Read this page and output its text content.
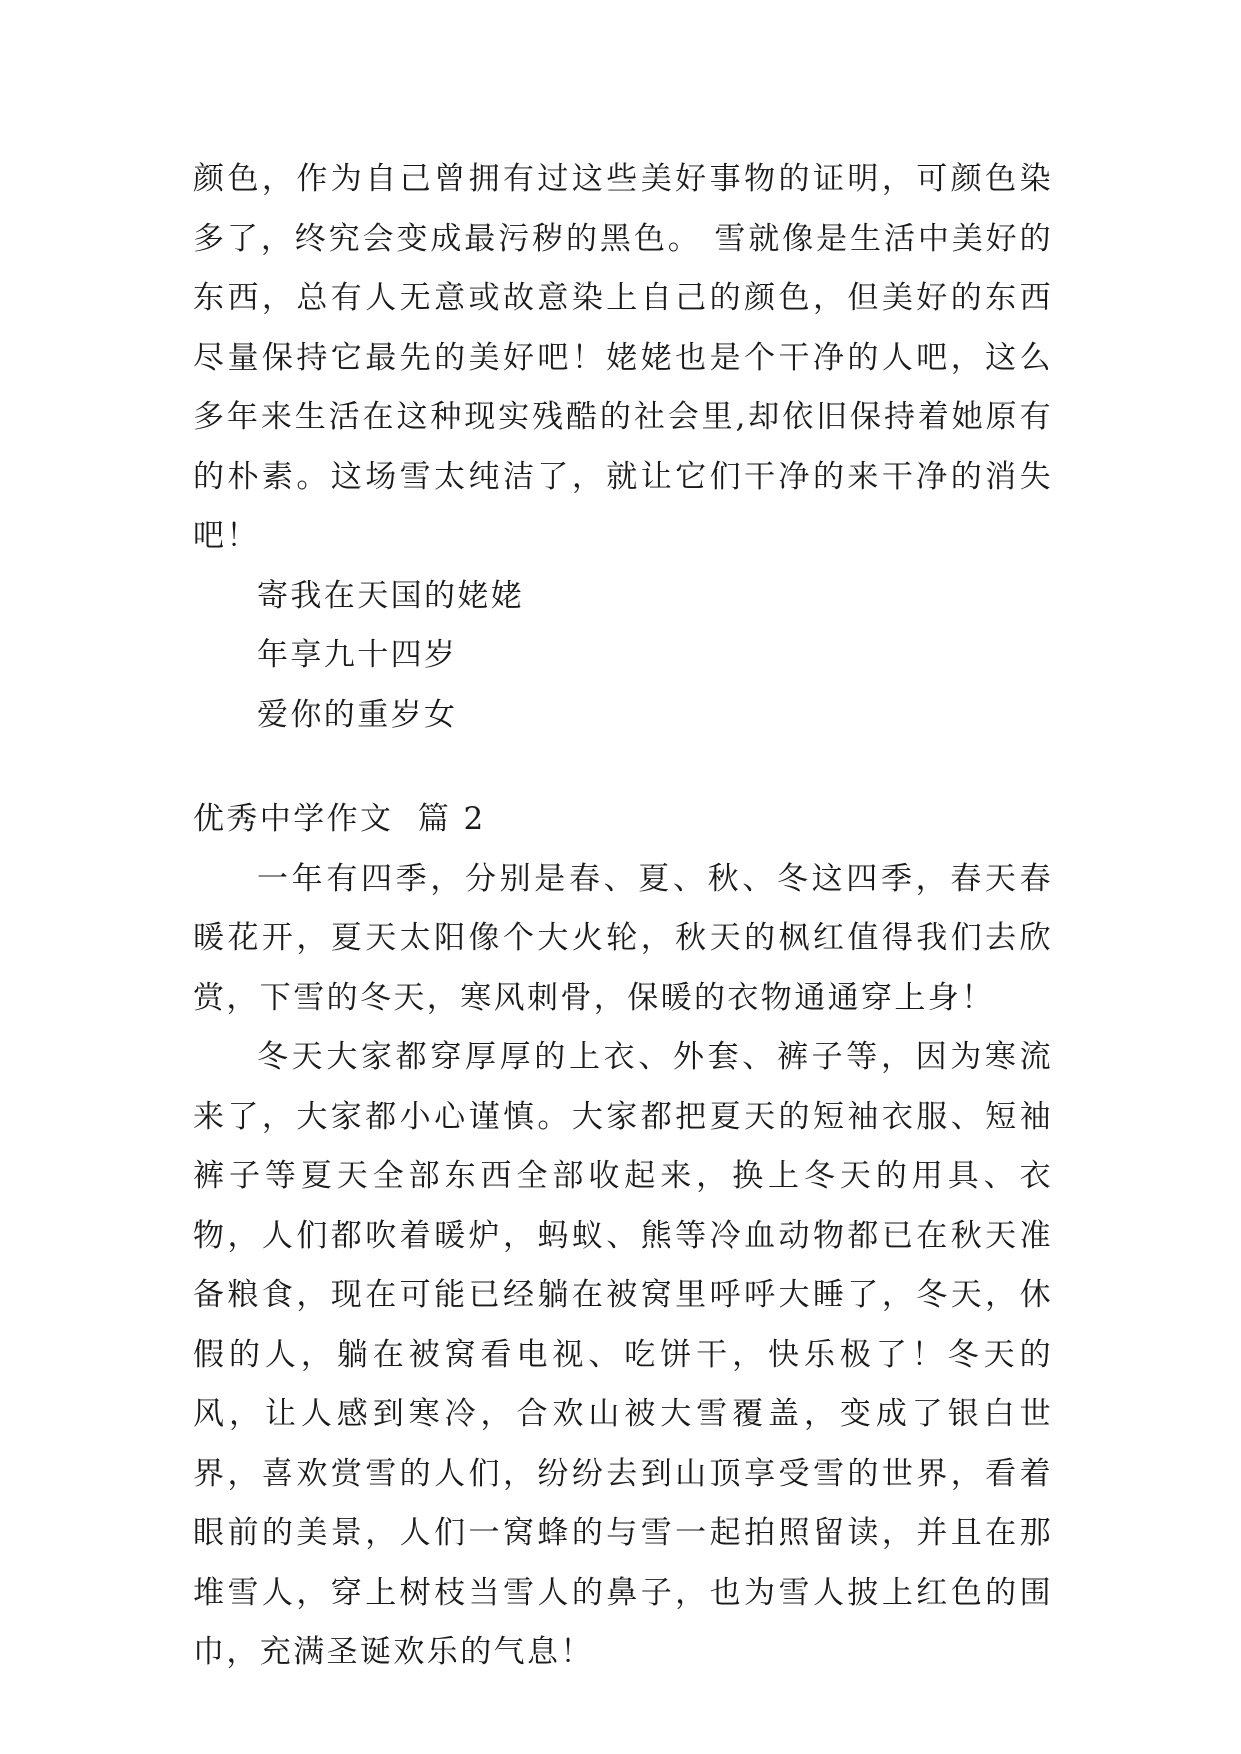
颜色，作为自己曾拥有过这些美好事物的证明，可颜色染多了，终究会变成最污秽的黑色。 雪就像是生活中美好的东西，总有人无意或故意染上自己的颜色，但美好的东西尽量保持它最先的美好吧！姥姥也是个干净的人吧，这么多年来生活在这种现实残酷的社会里,却依旧保持着她原有的朴素。这场雪太纯洁了，就让它们干净的来干净的消失吧！

寄我在天国的姥姥

年享九十四岁

爱你的重岁女

优秀中学作文  篇 2

一年有四季，分别是春、夏、秋、冬这四季，春天春暖花开，夏天太阳像个大火轮，秋天的枫红值得我们去欣赏，下雪的冬天，寒风刺骨，保暖的衣物通通穿上身！

冬天大家都穿厚厚的上衣、外套、裤子等，因为寒流来了，大家都小心谨慎。大家都把夏天的短袖衣服、短袖裤子等夏天全部东西全部收起来，换上冬天的用具、衣物，人们都吹着暖炉，蚂蚁、熊等冷血动物都已在秋天准备粮食，现在可能已经躺在被窝里呼呼大睡了，冬天，休假的人，躺在被窝看电视、吃饼干，快乐极了！冬天的风，让人感到寒冷，合欢山被大雪覆盖，变成了银白世界，喜欢赏雪的人们，纷纷去到山顶享受雪的世界，看着眼前的美景，人们一窝蜂的与雪一起拍照留读，并且在那堆雪人，穿上树枝当雪人的鼻子，也为雪人披上红色的围巾，充满圣诞欢乐的气息！
